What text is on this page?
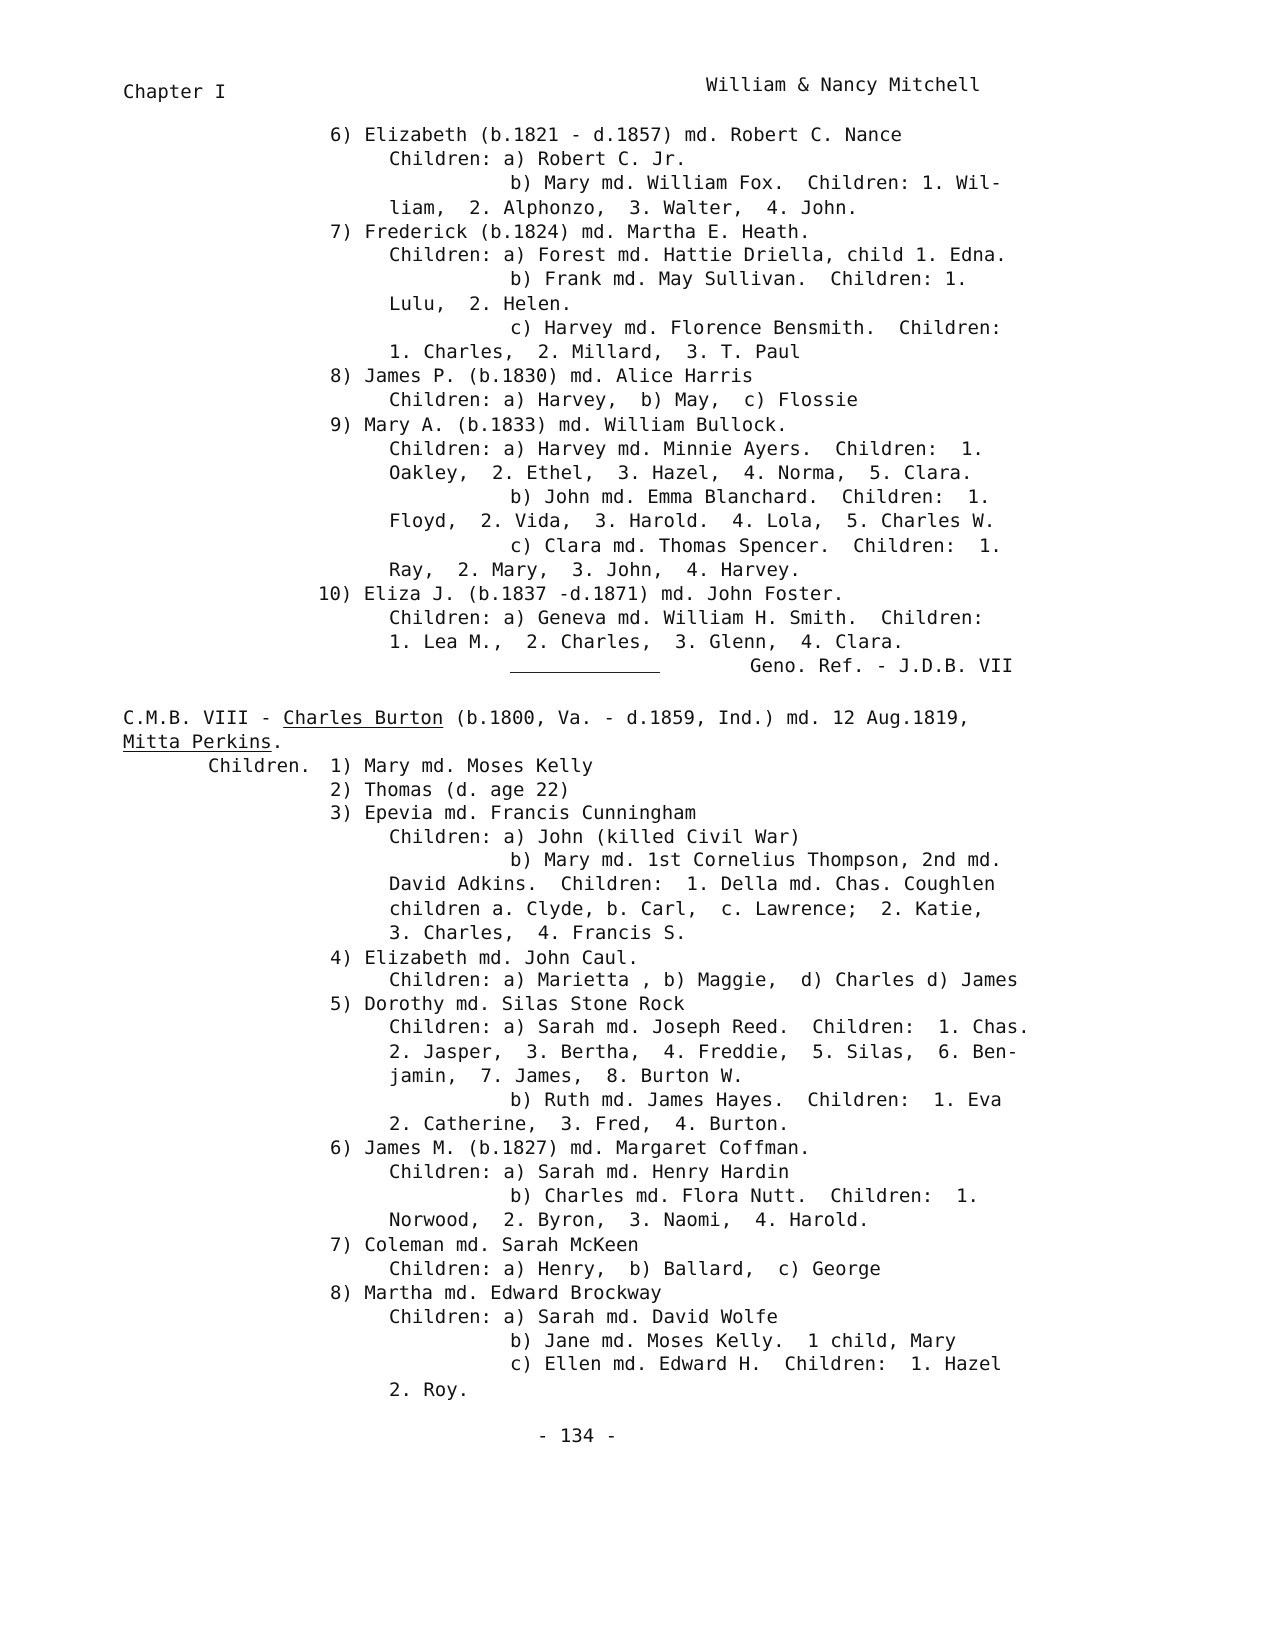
Chapter I	William & Nancy Mitchell
6) Elizabeth (b.1821 - d.1857) md. Robert C. Nance
Children: a) Robert C. Jr.
b) Mary md. William Fox.  Children: 1. Wil-
liam,  2. Alphonzo,  3. Walter,  4. John.
7) Frederick (b.1824) md. Martha E. Heath.
Children: a) Forest md. Hattie Driella, child 1. Edna.
b) Frank md. May Sullivan.  Children: 1.
Lulu,  2. Helen.
c) Harvey md. Florence Bensmith.  Children:
1. Charles,  2. Millard,  3. T. Paul
8) James P. (b.1830) md. Alice Harris
Children: a) Harvey,  b) May,  c) Flossie
9) Mary A. (b.1833) md. William Bullock.
Children: a) Harvey md. Minnie Ayers.  Children:  1.
Oakley,  2. Ethel,  3. Hazel,  4. Norma,  5. Clara.
b) John md. Emma Blanchard.  Children:  1.
Floyd,  2. Vida,  3. Harold.  4. Lola,  5. Charles W.
c) Clara md. Thomas Spencer.  Children:  1.
Ray,  2. Mary,  3. John,  4. Harvey.
10) Eliza J. (b.1837 -d.1871) md. John Foster.
Children: a) Geneva md. William H. Smith.  Children:
1. Lea M.,  2. Charles,  3. Glenn,  4. Clara.
Geno. Ref. - J.D.B. VII
C.M.B. VIII - Charles Burton (b.1800, Va. - d.1859, Ind.) md. 12 Aug.1819,
Mitta Perkins.
Children. 1) Mary md. Moses Kelly
2) Thomas (d. age 22)
3) Epevia md. Francis Cunningham
Children: a) John (killed Civil War)
b) Mary md. 1st Cornelius Thompson, 2nd md.
David Adkins.  Children:  1. Della md. Chas. Coughlen
children a. Clyde, b. Carl,  c. Lawrence;  2. Katie,
3. Charles,  4. Francis S.
4) Elizabeth md. John Caul.
Children: a) Marietta , b) Maggie,  d) Charles d) James
5) Dorothy md. Silas Stone Rock
Children: a) Sarah md. Joseph Reed.  Children:  1. Chas.
2. Jasper,  3. Bertha,  4. Freddie,  5. Silas,  6. Ben-
jamin,  7. James,  8. Burton W.
b) Ruth md. James Hayes.  Children:  1. Eva
2. Catherine,  3. Fred,  4. Burton.
6) James M. (b.1827) md. Margaret Coffman.
Children: a) Sarah md. Henry Hardin
b) Charles md. Flora Nutt.  Children:  1.
Norwood,  2. Byron,  3. Naomi,  4. Harold.
7) Coleman md. Sarah McKeen
Children: a) Henry,  b) Ballard,  c) George
8) Martha md. Edward Brockway
Children: a) Sarah md. David Wolfe
b) Jane md. Moses Kelly.  1 child, Mary
c) Ellen md. Edward H.  Children:  1. Hazel
2. Roy.
- 134 -
